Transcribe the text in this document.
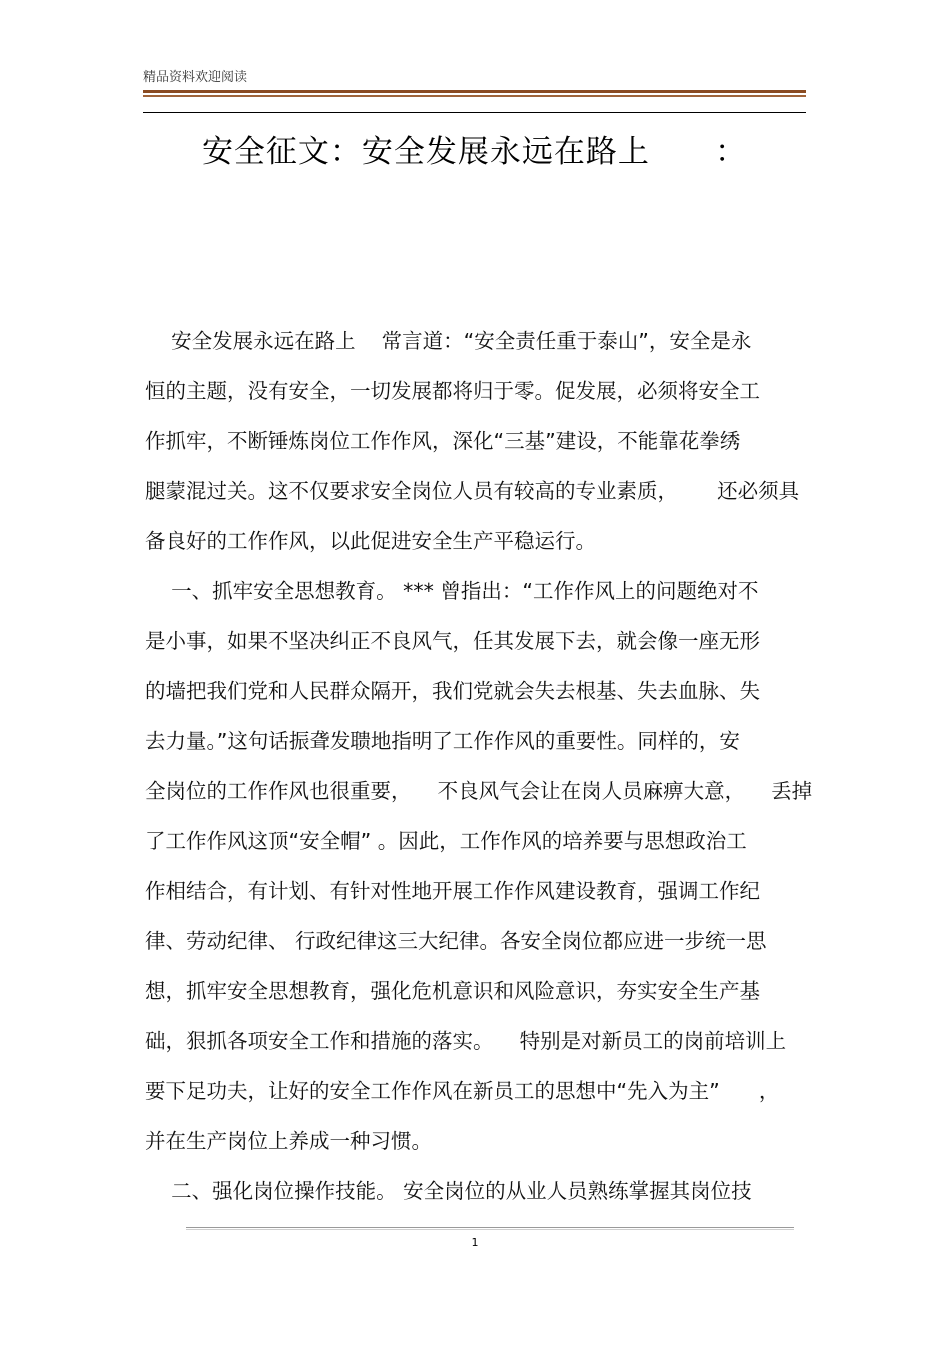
精品资料欢迎阅读
安全征文：安全发展永远在路上      ：
安全发展永远在路上    常言道：“安全责任重于泰山”，安全是永
恒的主题，没有安全，一切发展都将归于零。促发展，必须将安全工
作抓牢，不断锤炼岗位工作作风，深化“三基”建设，不能靠花拳绣
腿蒙混过关。这不仅要求安全岗位人员有较高的专业素质，      还必须具
备良好的工作作风，以此促进安全生产平稳运行。
一、抓牢安全思想教育。 *** 曾指出：“工作作风上的问题绝对不
是小事，如果不坚决纠正不良风气，任其发展下去，就会像一座无形
的墙把我们党和人民群众隔开，我们党就会失去根基、失去血脉、失
去力量。”这句话振聋发聩地指明了工作作风的重要性。同样的，安
全岗位的工作作风也很重要，    不良风气会让在岗人员麻痹大意，    丢掉
了工作作风这顶“安全帽” 。因此，工作作风的培养要与思想政治工
作相结合，有计划、有针对性地开展工作作风建设教育，强调工作纪
律、劳动纪律、 行政纪律这三大纪律。各安全岗位都应进一步统一思
想，抓牢安全思想教育，强化危机意识和风险意识，夯实安全生产基
础，狠抓各项安全工作和措施的落实。    特别是对新员工的岗前培训上
要下足功夫，让好的安全工作作风在新员工的思想中“先入为主”      ，
并在生产岗位上养成一种习惯。
二、强化岗位操作技能。 安全岗位的从业人员熟练掌握其岗位技
1
